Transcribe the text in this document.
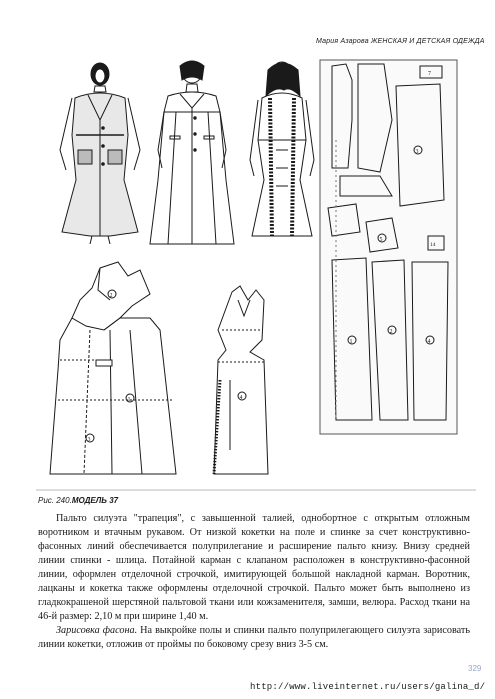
Мария Азарова ЖЕНСКАЯ И ДЕТСКАЯ ОДЕЖДА
3
1
2
4
7
3
5
14
1
2
4
Рис. 240.МОДЕЛЬ 37

Пальто силуэта "трапеция", с завышенной талией, однобортное с открытым отложным воротником и втачным рукавом. От низкой кокетки на поле и спинке за счет конструктивно-фасонных линий обеспечивается полуприлегание и расширение пальто книзу. Внизу средней линии спинки - шлица. Потайной карман с клапаном расположен в конструктивно-фасонной линии, оформлен отделочной строчкой, имитирующей большой накладной карман. Воротник, лацканы и кокетка также оформлены отделочной строчкой. Пальто может быть выполнено из гладкокрашеной шерстяной пальтовой ткани или кожзаменителя, замши, велюра. Расход ткани на 46-й размер: 2,10 м при ширине 1,40 м.

Зарисовка фасона. На выкройке полы и спинки пальто полуприлегающего силуэта зарисовать линии кокетки, отложив от проймы по боковому срезу вниз 3-5 см.

329
http://www.liveinternet.ru/users/galina_d/
